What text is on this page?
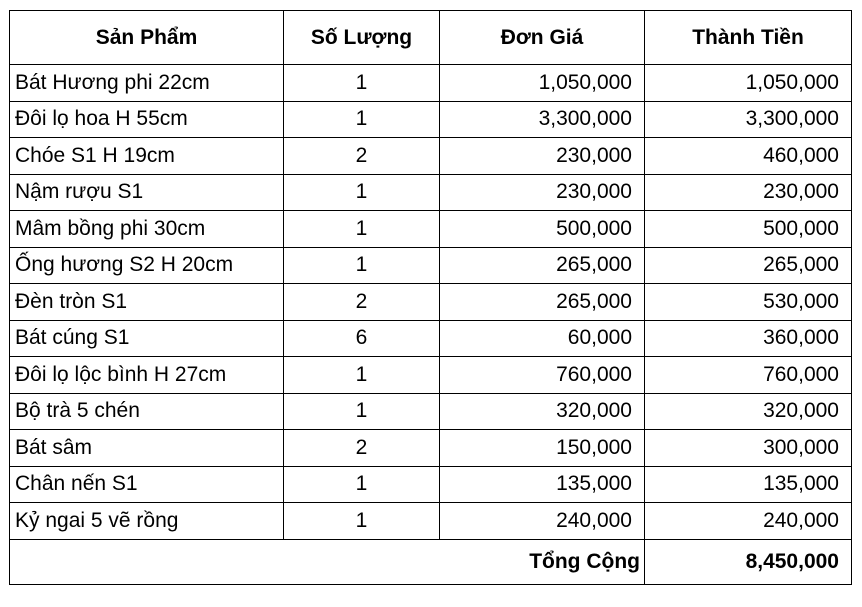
Sản Phẩm	Số Lượng	Đơn Giá	Thành Tiền
Bát Hương phi 22cm	1	1,050,000	1,050,000
Đôi lọ hoa H 55cm	1	3,300,000	3,300,000
Chóe S1 H 19cm	2	230,000	460,000
Nậm rượu S1	1	230,000	230,000
Mâm bồng phi 30cm	1	500,000	500,000
Ống hương S2 H 20cm	1	265,000	265,000
Đèn tròn S1	2	265,000	530,000
Bát cúng S1	6	60,000	360,000
Đôi lọ lộc bình H 27cm	1	760,000	760,000
Bộ trà 5 chén	1	320,000	320,000
Bát sâm	2	150,000	300,000
Chân nến S1	1	135,000	135,000
Kỷ ngai 5 vẽ rồng	1	240,000	240,000
Tổng Cộng			8,450,000
